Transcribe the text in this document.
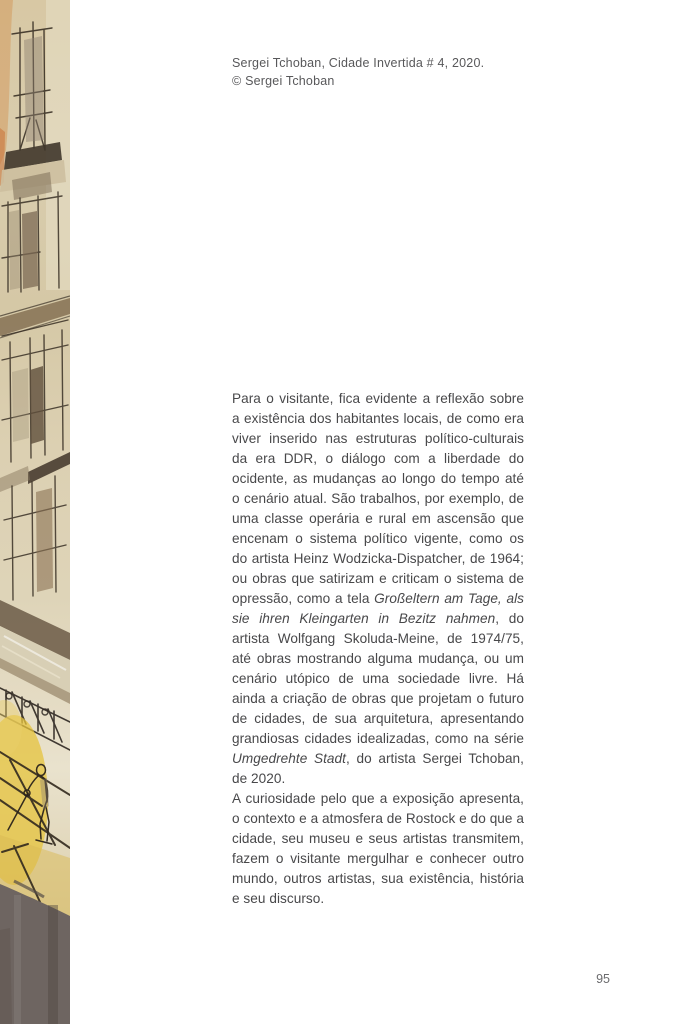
Sergei Tchoban, Cidade Invertida # 4, 2020.
© Sergei Tchoban

Para o visitante, fica evidente a reflexão sobre a existência dos habitantes locais, de como era viver inserido nas estruturas político-culturais da era DDR, o diálogo com a liberdade do ocidente, as mudanças ao longo do tempo até o cenário atual. São trabalhos, por exemplo, de uma classe operária e rural em ascensão que encenam o sistema político vigente, como os do artista Heinz Wodzicka-Dispatcher, de 1964; ou obras que satirizam e criticam o sistema de opressão, como a tela Großeltern am Tage, als sie ihren Kleingarten in Bezitz nahmen, do artista Wolfgang Skoluda-Meine, de 1974/75, até obras mostrando alguma mudança, ou um cenário utópico de uma sociedade livre. Há ainda a criação de obras que projetam o futuro de cidades, de sua arquitetura, apresentando grandiosas cidades idealizadas, como na série Umgedrehte Stadt, do artista Sergei Tchoban, de 2020.

A curiosidade pelo que a exposição apresenta, o contexto e a atmosfera de Rostock e do que a cidade, seu museu e seus artistas transmitem, fazem o visitante mergulhar e conhecer outro mundo, outros artistas, sua existência, história e seu discurso.

95
